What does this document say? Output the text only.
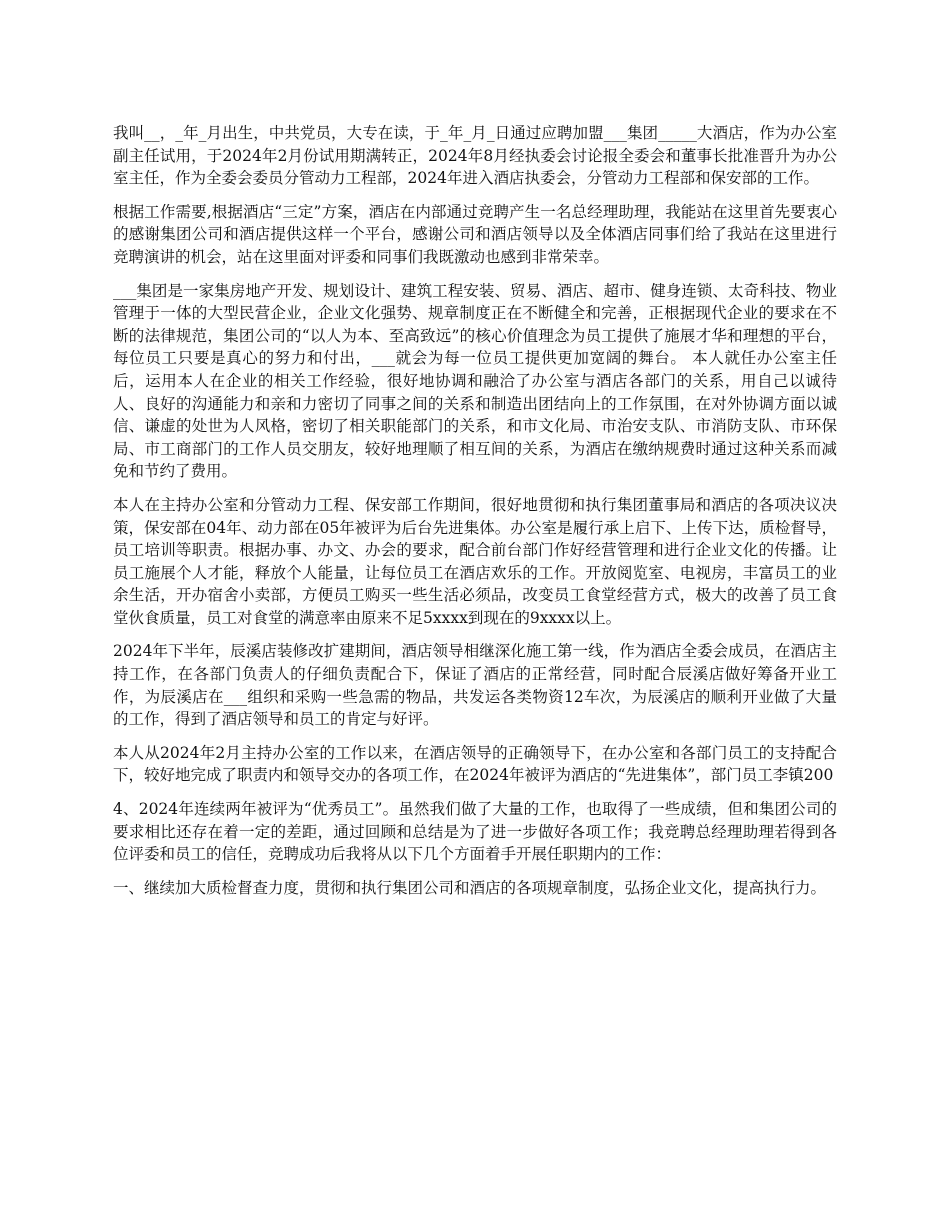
我叫__，_年_月出生，中共党员，大专在读，于_年_月_日通过应聘加盟___集团_____大酒店，作为办公室副主任试用，于2024年2月份试用期满转正，2024年8月经执委会讨论报全委会和董事长批准晋升为办公室主任，作为全委会委员分管动力工程部，2024年进入酒店执委会，分管动力工程部和保安部的工作。

根据工作需要,根据酒店“三定”方案，酒店在内部通过竞聘产生一名总经理助理，我能站在这里首先要衷心的感谢集团公司和酒店提供这样一个平台，感谢公司和酒店领导以及全体酒店同事们给了我站在这里进行竞聘演讲的机会，站在这里面对评委和同事们我既激动也感到非常荣幸。

___集团是一家集房地产开发、规划设计、建筑工程安装、贸易、酒店、超市、健身连锁、太奇科技、物业管理于一体的大型民营企业，企业文化强势、规章制度正在不断健全和完善，正根据现代企业的要求在不断的法律规范，集团公司的“以人为本、至高致远”的核心价值理念为员工提供了施展才华和理想的平台，每位员工只要是真心的努力和付出，___就会为每一位员工提供更加宽阔的舞台。 本人就任办公室主任后，运用本人在企业的相关工作经验，很好地协调和融洽了办公室与酒店各部门的关系，用自己以诚待人、良好的沟通能力和亲和力密切了同事之间的关系和制造出团结向上的工作氛围，在对外协调方面以诚信、谦虚的处世为人风格，密切了相关职能部门的关系，和市文化局、市治安支队、市消防支队、市环保局、市工商部门的工作人员交朋友，较好地理顺了相互间的关系，为酒店在缴纳规费时通过这种关系而减免和节约了费用。

本人在主持办公室和分管动力工程、保安部工作期间，很好地贯彻和执行集团董事局和酒店的各项决议决策，保安部在04年、动力部在05年被评为后台先进集体。办公室是履行承上启下、上传下达，质检督导，员工培训等职责。根据办事、办文、办会的要求，配合前台部门作好经营管理和进行企业文化的传播。让员工施展个人才能，释放个人能量，让每位员工在酒店欢乐的工作。开放阅览室、电视房，丰富员工的业余生活，开办宿舍小卖部，方便员工购买一些生活必须品，改变员工食堂经营方式，极大的改善了员工食堂伙食质量，员工对食堂的满意率由原来不足5xxxx到现在的9xxxx以上。

2024年下半年，辰溪店装修改扩建期间，酒店领导相继深化施工第一线，作为酒店全委会成员，在酒店主持工作，在各部门负责人的仔细负责配合下，保证了酒店的正常经营，同时配合辰溪店做好筹备开业工作，为辰溪店在___组织和采购一些急需的物品，共发运各类物资12车次，为辰溪店的顺利开业做了大量的工作，得到了酒店领导和员工的肯定与好评。

本人从2024年2月主持办公室的工作以来，在酒店领导的正确领导下，在办公室和各部门员工的支持配合下，较好地完成了职责内和领导交办的各项工作，在2024年被评为酒店的“先进集体”，部门员工李镇200

4、2024年连续两年被评为“优秀员工”。虽然我们做了大量的工作，也取得了一些成绩，但和集团公司的要求相比还存在着一定的差距，通过回顾和总结是为了进一步做好各项工作；我竞聘总经理助理若得到各位评委和员工的信任，竞聘成功后我将从以下几个方面着手开展任职期内的工作：

一、继续加大质检督查力度，贯彻和执行集团公司和酒店的各项规章制度，弘扬企业文化，提高执行力。
